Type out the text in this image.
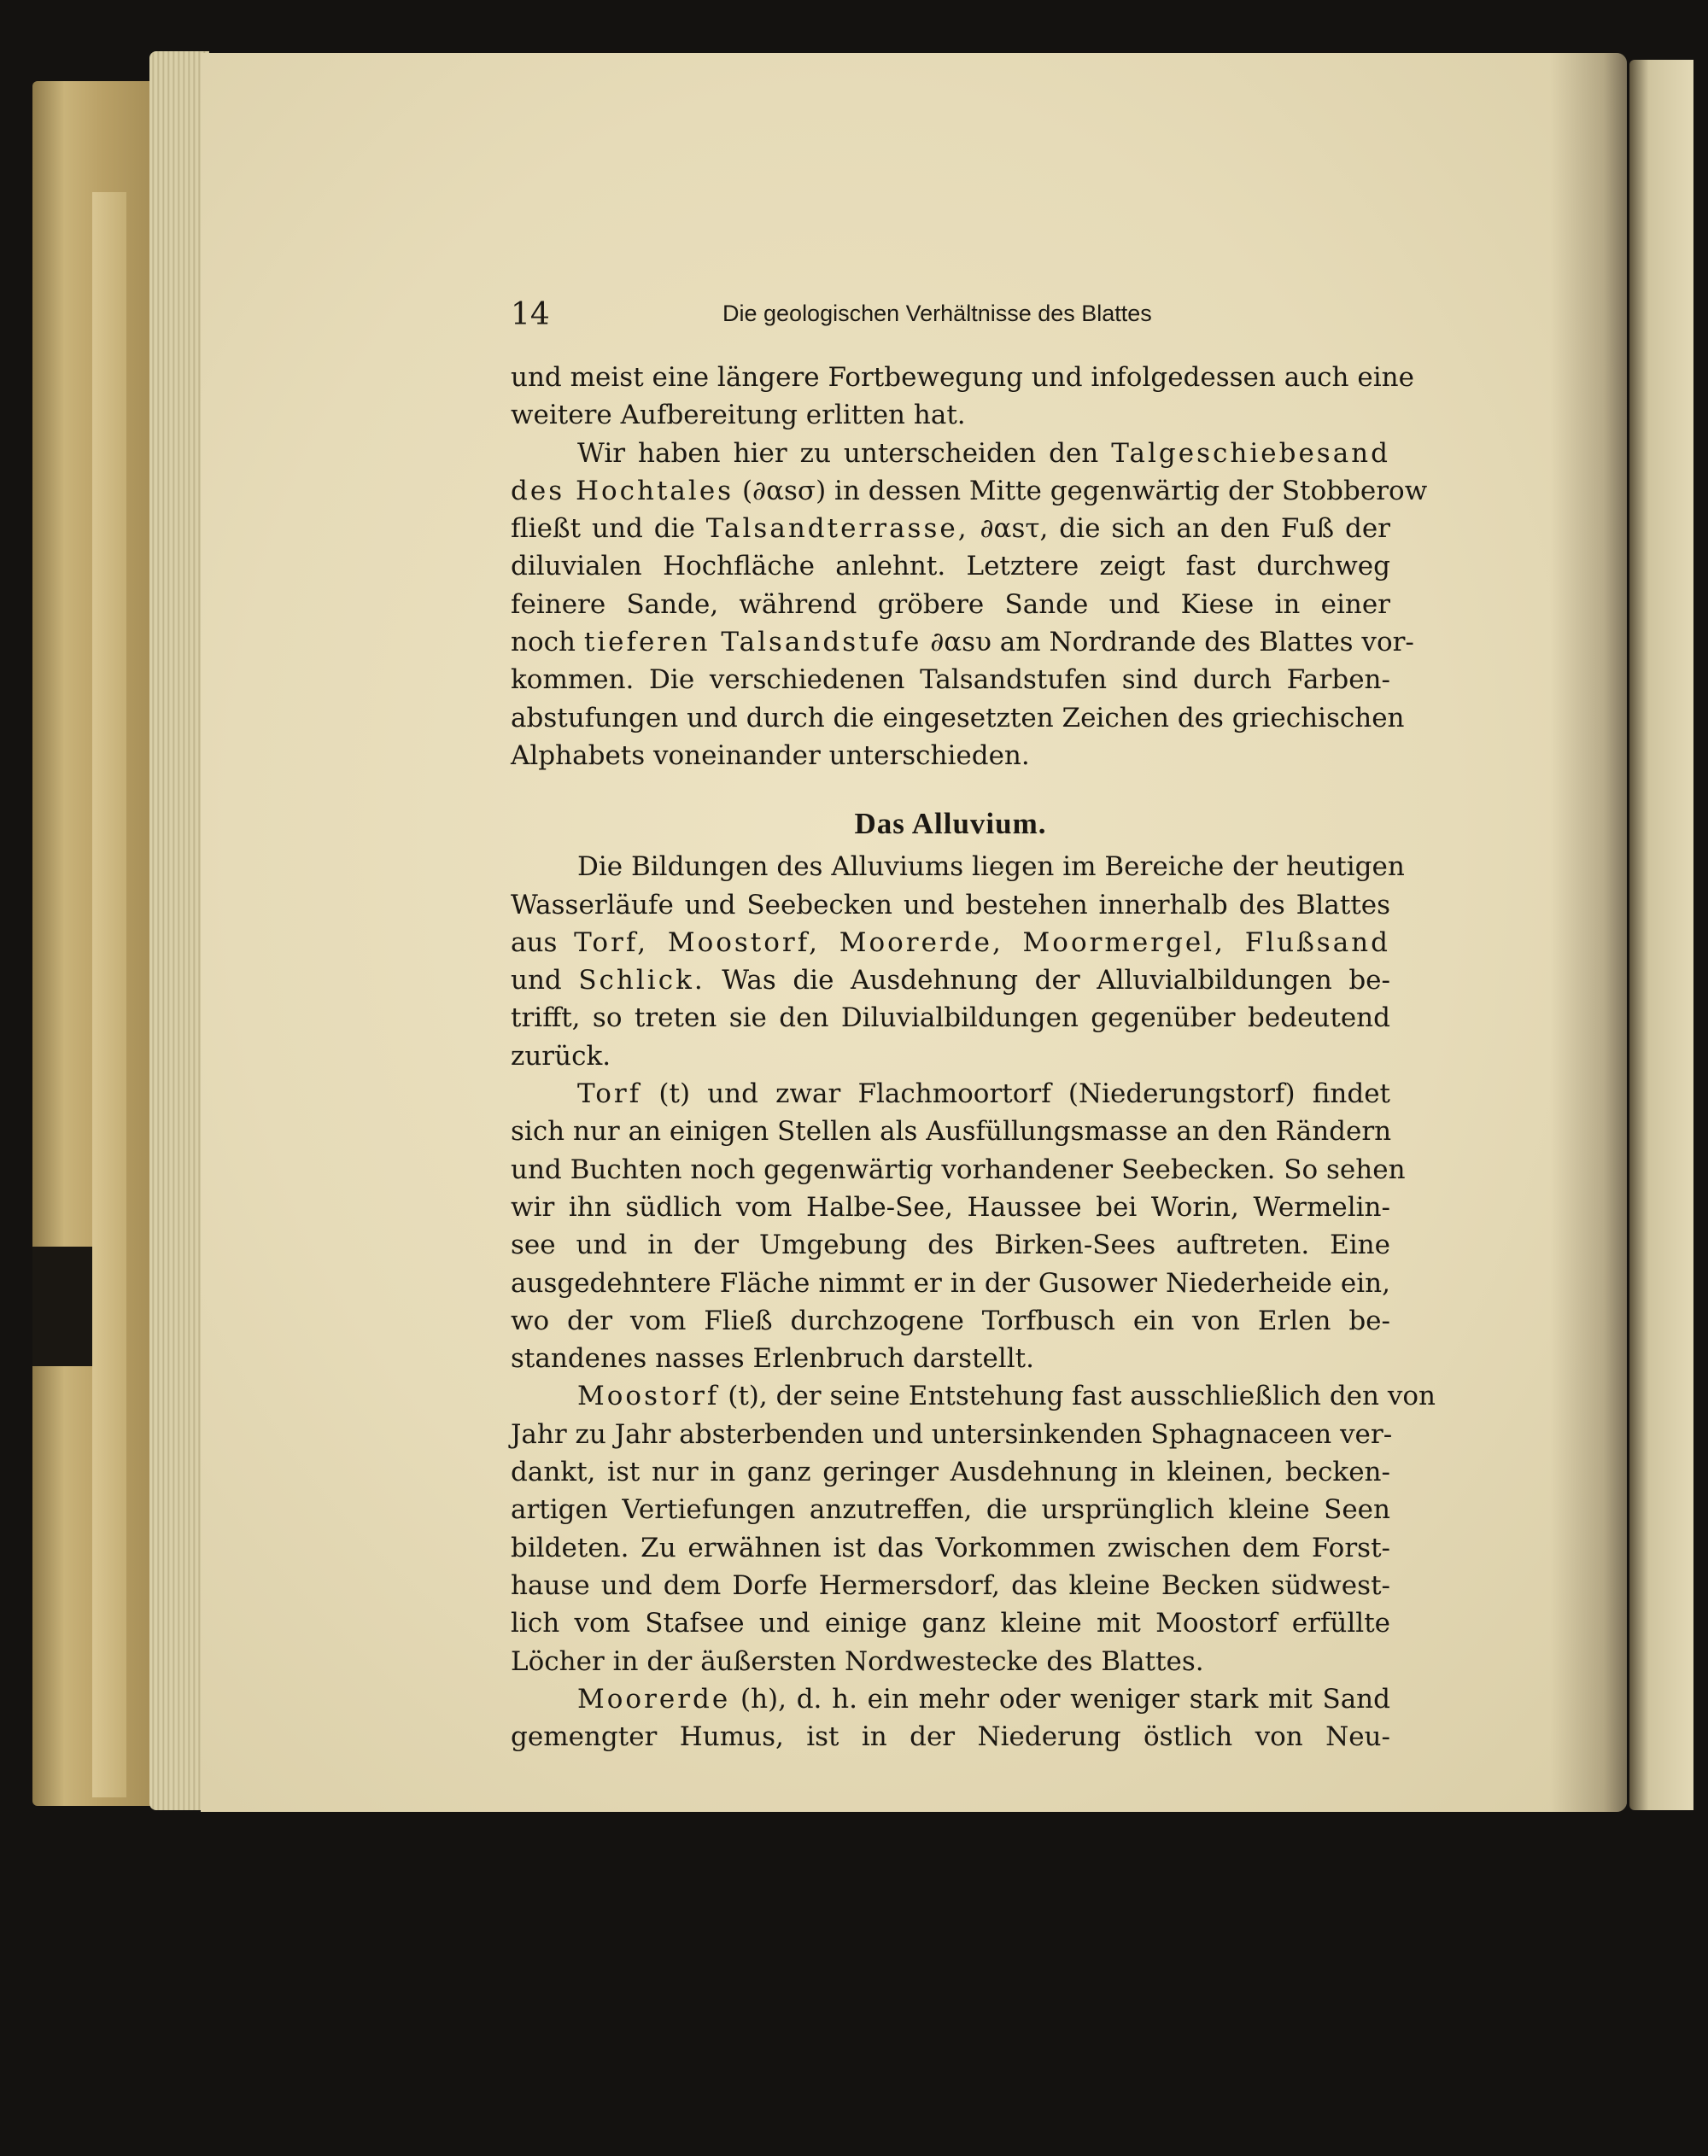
14	Die geologischen Verhältnisse des Blattes
und meist eine längere Fortbewegung und infolgedessen auch eine
weitere Aufbereitung erlitten hat.
Wir haben hier zu unterscheiden den Talgeschiebesand
des Hochtales (∂αsσ) in dessen Mitte gegenwärtig der Stobberow
fließt und die Talsandterrasse, ∂αsτ, die sich an den Fuß der
diluvialen Hochfläche anlehnt. Letztere zeigt fast durchweg
feinere Sande, während gröbere Sande und Kiese in einer
noch tieferen Talsandstufe ∂αsυ am Nordrande des Blattes vor-
kommen. Die verschiedenen Talsandstufen sind durch Farben-
abstufungen und durch die eingesetzten Zeichen des griechischen
Alphabets voneinander unterschieden.
Das Alluvium.
Die Bildungen des Alluviums liegen im Bereiche der heutigen
Wasserläufe und Seebecken und bestehen innerhalb des Blattes
aus Torf, Moostorf, Moorerde, Moormergel, Flußsand
und Schlick. Was die Ausdehnung der Alluvialbildungen be-
trifft, so treten sie den Diluvialbildungen gegenüber bedeutend
zurück.
Torf (t) und zwar Flachmoortorf (Niederungstorf) findet
sich nur an einigen Stellen als Ausfüllungsmasse an den Rändern
und Buchten noch gegenwärtig vorhandener Seebecken. So sehen
wir ihn südlich vom Halbe-See, Haussee bei Worin, Wermelin-
see und in der Umgebung des Birken-Sees auftreten. Eine
ausgedehntere Fläche nimmt er in der Gusower Niederheide ein,
wo der vom Fließ durchzogene Torfbusch ein von Erlen be-
standenes nasses Erlenbruch darstellt.
Moostorf (t), der seine Entstehung fast ausschließlich den von
Jahr zu Jahr absterbenden und untersinkenden Sphagnaceen ver-
dankt, ist nur in ganz geringer Ausdehnung in kleinen, becken-
artigen Vertiefungen anzutreffen, die ursprünglich kleine Seen
bildeten. Zu erwähnen ist das Vorkommen zwischen dem Forst-
hause und dem Dorfe Hermersdorf, das kleine Becken südwest-
lich vom Stafsee und einige ganz kleine mit Moostorf erfüllte
Löcher in der äußersten Nordwestecke des Blattes.
Moorerde (h), d. h. ein mehr oder weniger stark mit Sand
gemengter Humus, ist in der Niederung östlich von Neu-
